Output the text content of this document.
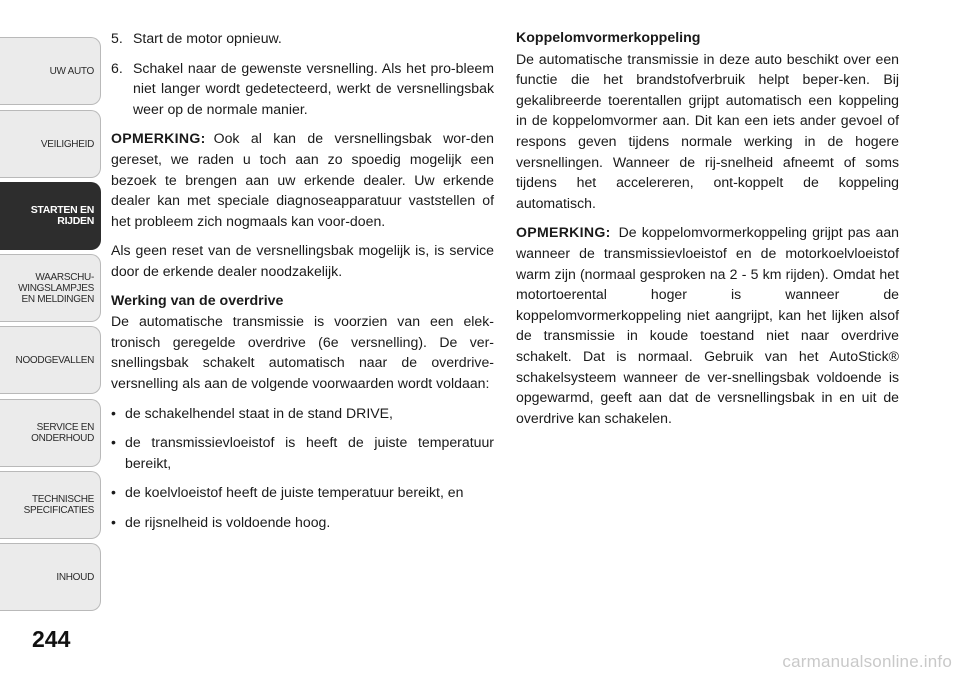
UW AUTO
VEILIGHEID
STARTEN EN
RIJDEN
WAARSCHU-
WINGSLAMPJES
EN MELDINGEN
NOODGEVALLEN
SERVICE EN
ONDERHOUD
TECHNISCHE
SPECIFICATIES
INHOUD
244
5. Start de motor opnieuw.
6. Schakel naar de gewenste versnelling. Als het pro-bleem niet langer wordt gedetecteerd, werkt de versnellingsbak weer op de normale manier.

OPMERKING: Ook al kan de versnellingsbak wor-den gereset, we raden u toch aan zo spoedig mogelijk een bezoek te brengen aan uw erkende dealer. Uw erkende dealer kan met speciale diagnoseapparatuur vaststellen of het probleem zich nogmaals kan voor-doen.

Als geen reset van de versnellingsbak mogelijk is, is service door de erkende dealer noodzakelijk.

Werking van de overdrive

De automatische transmissie is voorzien van een elek-tronisch geregelde overdrive (6e versnelling). De ver-snellingsbak schakelt automatisch naar de overdrive-versnelling als aan de volgende voorwaarden wordt voldaan:

• de schakelhendel staat in de stand DRIVE,
• de transmissievloeistof is heeft de juiste temperatuur bereikt,
• de koelvloeistof heeft de juiste temperatuur bereikt, en
• de rijsnelheid is voldoende hoog.
Koppelomvormerkoppeling

De automatische transmissie in deze auto beschikt over een functie die het brandstofverbruik helpt beper-ken. Bij gekalibreerde toerentallen grijpt automatisch een koppeling in de koppelomvormer aan. Dit kan een iets ander gevoel of respons geven tijdens normale werking in de hogere versnellingen. Wanneer de rij-snelheid afneemt of soms tijdens het accelereren, ont-koppelt de koppeling automatisch.

OPMERKING: De koppelomvormerkoppeling grijpt pas aan wanneer de transmissievloeistof en de motorkoelvloeistof warm zijn (normaal gesproken na 2 - 5 km rijden). Omdat het motortoerental hoger is wanneer de koppelomvormerkoppeling niet aangrijpt, kan het lijken alsof de transmissie in koude toestand niet naar overdrive schakelt. Dat is normaal. Gebruik van het AutoStick® schakelsysteem wanneer de ver-snellingsbak voldoende is opgewarmd, geeft aan dat de versnellingsbak in en uit de overdrive kan schakelen.

carmanualsonline.info
